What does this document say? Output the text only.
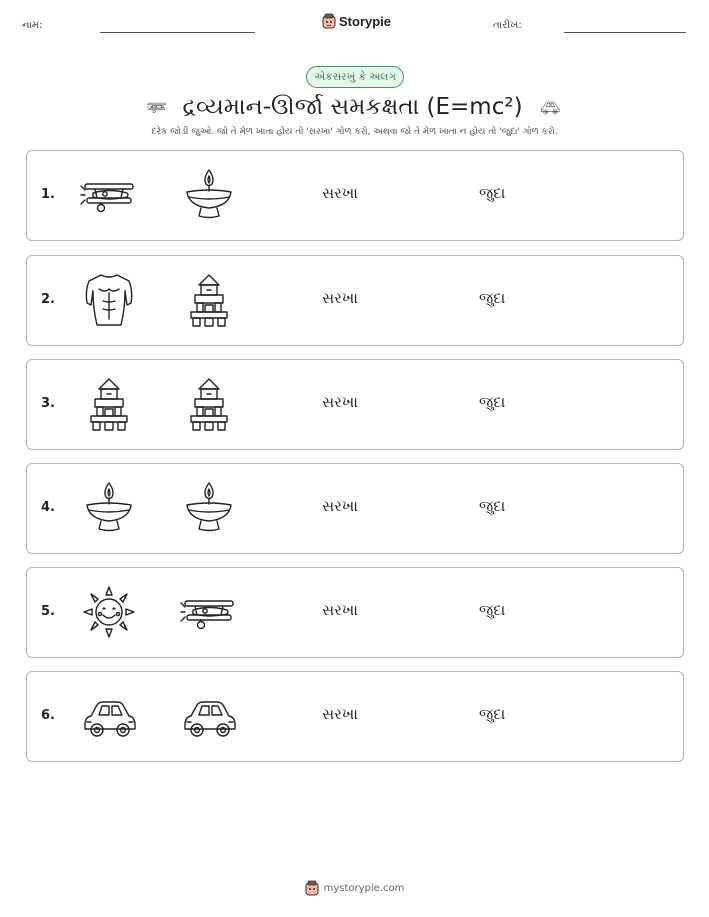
નામ:	Storypie	તારીખ:
એકસરખું કે અલગ
દ્રવ્યમાન-ઊર્જા સમકક્ષતા (E=mc²)
દરેક જોડી જુઓ. જો તે મેળ ખાતા હોય તો 'સરખા' ગોળ કરો, અથવા જો તે મેળ ખાતા ન હોય તો 'જુદા' ગોળ કરો.
1.	સરખા	જુદા
2.	સરખા	જુદા
3.	સરખા	જુદા
4.	સરખા	જુદા
5.	સરખા	જુદા
6.	સરખા	જુદા
mystorypie.com
